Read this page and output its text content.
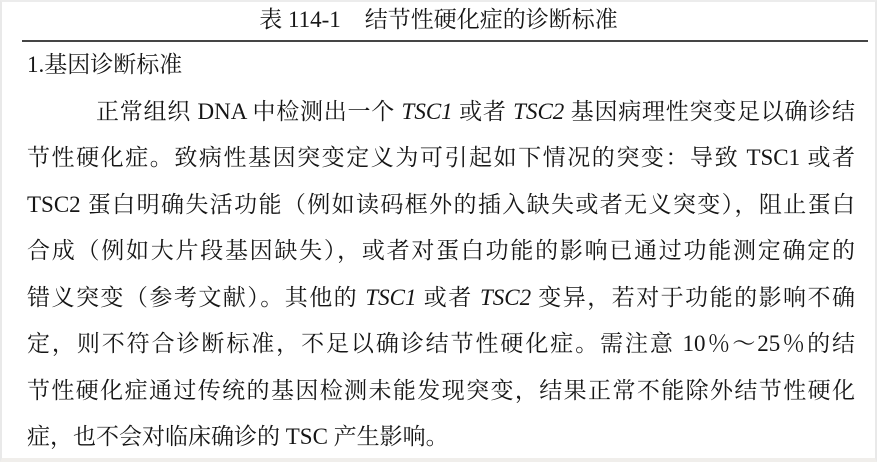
表 114-1 结节性硬化症的诊断标准
1.基因诊断标准
正常组织 DNA 中检测出一个 TSC1 或者 TSC2 基因病理性突变足以确诊结
节性硬化症。致病性基因突变定义为可引起如下情况的突变：导致 TSC1 或者
TSC2 蛋白明确失活功能（例如读码框外的插入缺失或者无义突变），阻止蛋白
合成（例如大片段基因缺失），或者对蛋白功能的影响已通过功能测定确定的
错义突变（参考文献）。其他的 TSC1 或者 TSC2 变异，若对于功能的影响不确
定，则不符合诊断标准，不足以确诊结节性硬化症。需注意 10％～25％的结
节性硬化症通过传统的基因检测未能发现突变，结果正常不能除外结节性硬化
症，也不会对临床确诊的 TSC 产生影响。
